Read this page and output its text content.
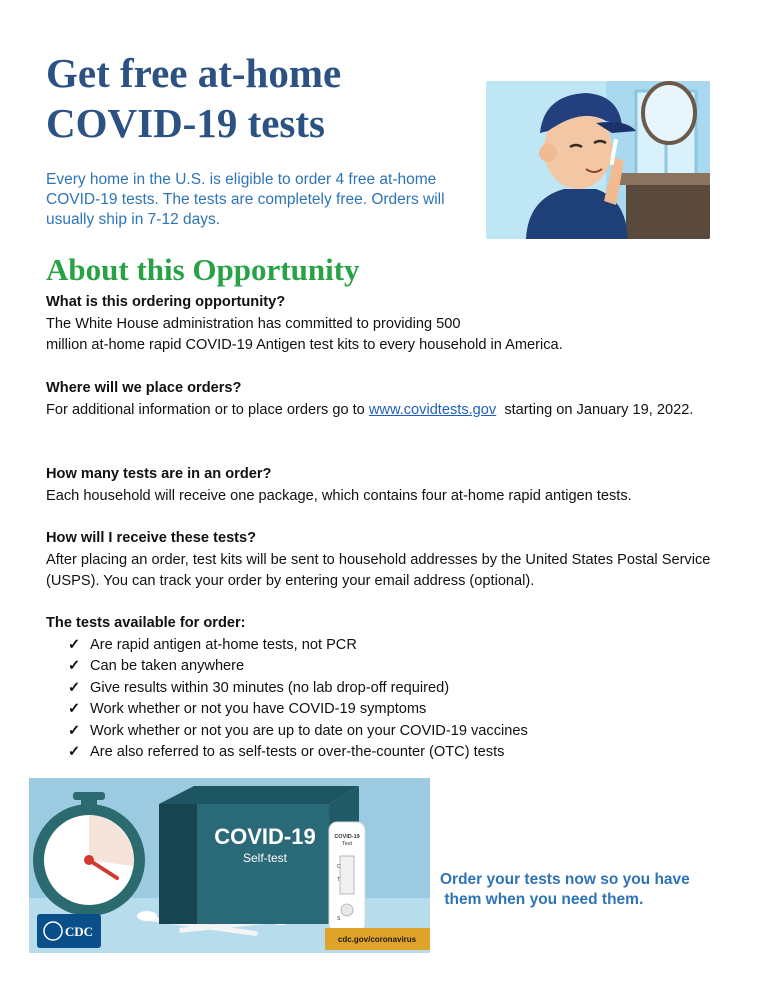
Get free at-home
COVID-19 tests

Every home in the U.S. is eligible to order 4 free at-home COVID-19 tests. The tests are completely free. Orders will usually ship in 7-12 days.

About this Opportunity

What is this ordering opportunity?

The White House administration has committed to providing 500
million at-home rapid COVID-19 Antigen test kits to every household in America.

Where will we place orders?

For additional information or to place orders go to www.covidtests.gov starting on January 19, 2022.

How many tests are in an order?

Each household will receive one package, which contains four at-home rapid antigen tests.

How will I receive these tests?

After placing an order, test kits will be sent to household addresses by the United States Postal Service (USPS). You can track your order by entering your email address (optional).

The tests available for order:

✓ Are rapid antigen at-home tests, not PCR
✓ Can be taken anywhere
✓ Give results within 30 minutes (no lab drop-off required)
✓ Work whether or not you have COVID-19 symptoms
✓ Work whether or not you are up to date on your COVID-19 vaccines
✓ Are also referred to as self-tests or over-the-counter (OTC) tests
COVID-19
Self-test
COVID-19
Test
C
T
S
cdc.gov/coronavirus
CDC

Order your tests now so you have
them when you need them.
